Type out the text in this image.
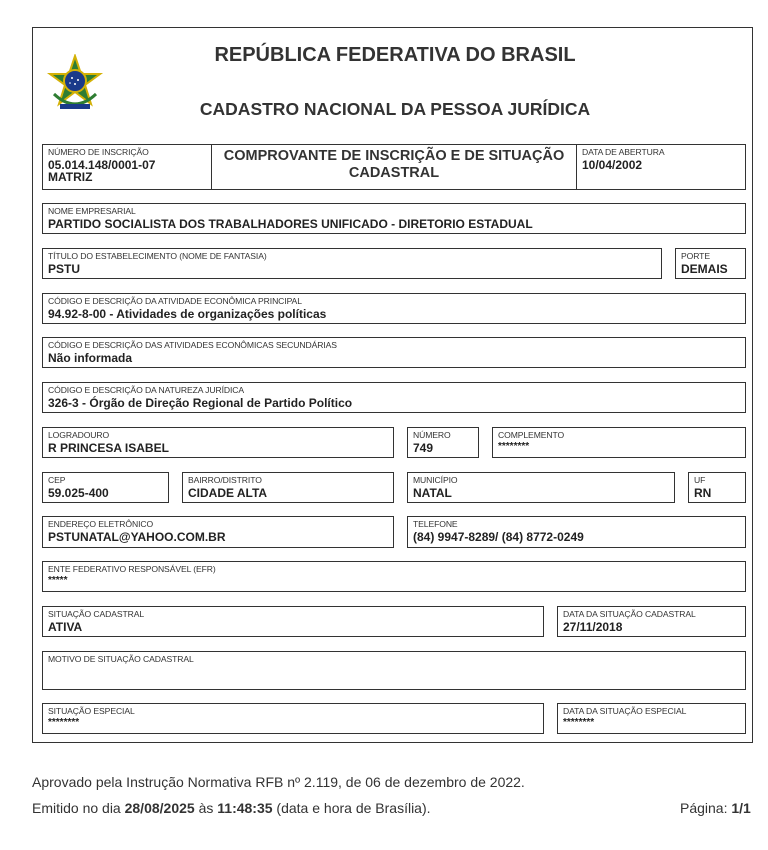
REPÚBLICA FEDERATIVA DO BRASIL
CADASTRO NACIONAL DA PESSOA JURÍDICA
NÚMERO DE INSCRIÇÃO
05.014.148/0001-07
MATRIZ
COMPROVANTE DE INSCRIÇÃO E DE SITUAÇÃO CADASTRAL
DATA DE ABERTURA
10/04/2002
NOME EMPRESARIAL
PARTIDO SOCIALISTA DOS TRABALHADORES UNIFICADO - DIRETORIO ESTADUAL
TÍTULO DO ESTABELECIMENTO (NOME DE FANTASIA)
PSTU
PORTE
DEMAIS
CÓDIGO E DESCRIÇÃO DA ATIVIDADE ECONÔMICA PRINCIPAL
94.92-8-00 - Atividades de organizações políticas
CÓDIGO E DESCRIÇÃO DAS ATIVIDADES ECONÔMICAS SECUNDÁRIAS
Não informada
CÓDIGO E DESCRIÇÃO DA NATUREZA JURÍDICA
326-3 - Órgão de Direção Regional de Partido Político
LOGRADOURO
R PRINCESA ISABEL
NÚMERO
749
COMPLEMENTO
********
CEP
59.025-400
BAIRRO/DISTRITO
CIDADE ALTA
MUNICÍPIO
NATAL
UF
RN
ENDEREÇO ELETRÔNICO
PSTUNATAL@YAHOO.COM.BR
TELEFONE
(84) 9947-8289/ (84) 8772-0249
ENTE FEDERATIVO RESPONSÁVEL (EFR)
*****
SITUAÇÃO CADASTRAL
ATIVA
DATA DA SITUAÇÃO CADASTRAL
27/11/2018
MOTIVO DE SITUAÇÃO CADASTRAL
SITUAÇÃO ESPECIAL
********
DATA DA SITUAÇÃO ESPECIAL
********
Aprovado pela Instrução Normativa RFB nº 2.119, de 06 de dezembro de 2022.
Emitido no dia 28/08/2025 às 11:48:35 (data e hora de Brasília).	Página: 1/1
